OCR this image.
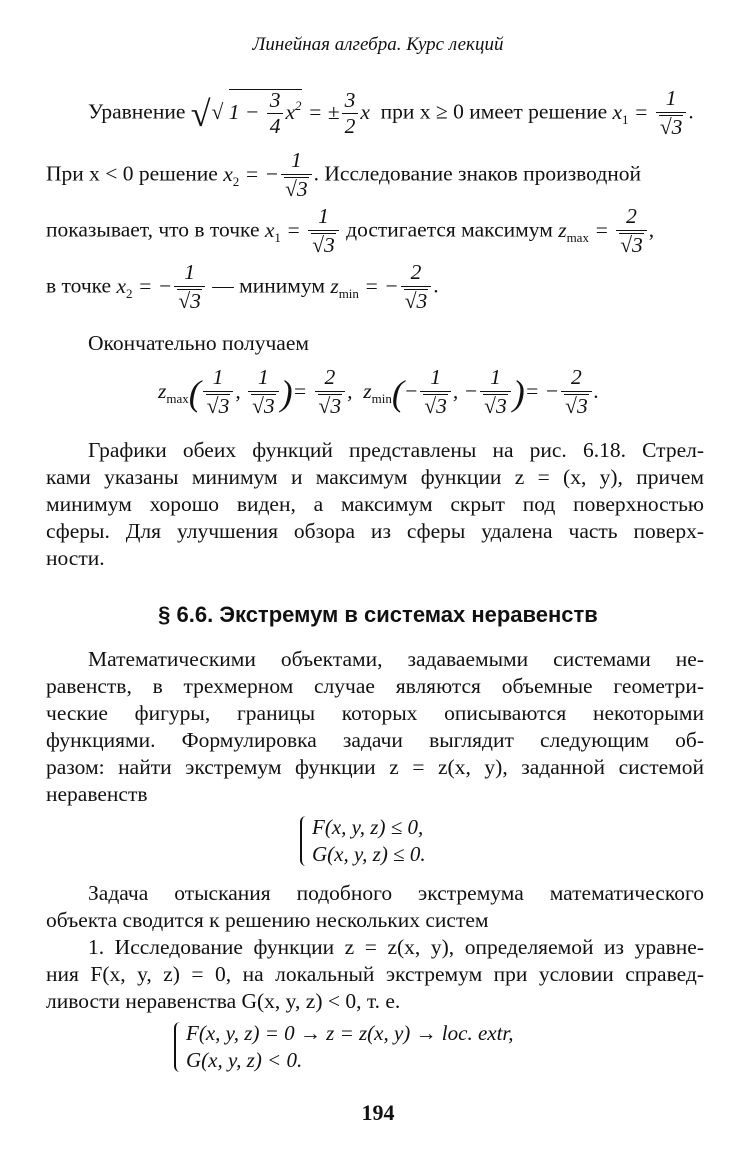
Линейная алгебра. Курс лекций
Уравнение √ √ $1 - \frac{3}{4} x^2$ = ± $\frac{3}{2}$ x  при x ≥ 0 имеет решение $x_1 = 1$
√ 3 .
При x < 0 решение $x_2$ = − 1
√ 3 . Исследование знаков производной
показывает, что в точке $x_1 = 1$
√ 3 достигается максимум $z_{max} = 2$
√ 3 ,
в точке $x_2$ = − 1
√ 3 — минимум $z_{min}$ = − 2
√ 3 .
Окончательно получаем
$z_{max}$( 1
√ 3 , 1
√ 3 )= 2
√ 3 ,  $z_{min}(- 1$
√ 3 , − 1
√ 3 )= − 2
√ 3 .
Графики обеих функций представлены на рис. 6.18. Стрел-
ками указаны минимум и максимум функции z = (x, y), причем
минимум хорошо виден, а максимум скрыт под поверхностью
сферы. Для улучшения обзора из сферы удалена часть поверх-
ности.
§ 6.6. Экстремум в системах неравенств
Математическими объектами, задаваемыми системами не-
равенств, в трехмерном случае являются объемные геометри-
ческие фигуры, границы которых описываются некоторыми
функциями. Формулировка задачи выглядит следующим об-
разом: найти экстремум функции z = z(x, y), заданной системой
неравенств
F(x, y, z) ≤ 0,
G(x, y, z) ≤ 0.
Задача отыскания подобного экстремума математического
объекта сводится к решению нескольких систем
1. Исследование функции z = z(x, y), определяемой из уравне-
ния F(x, y, z) = 0, на локальный экстремум при условии справед-
ливости неравенства G(x, y, z) < 0, т. е.
F(x, y, z) = 0 → z = z(x, y) → loc. extr,
G(x, y, z) < 0.
194
